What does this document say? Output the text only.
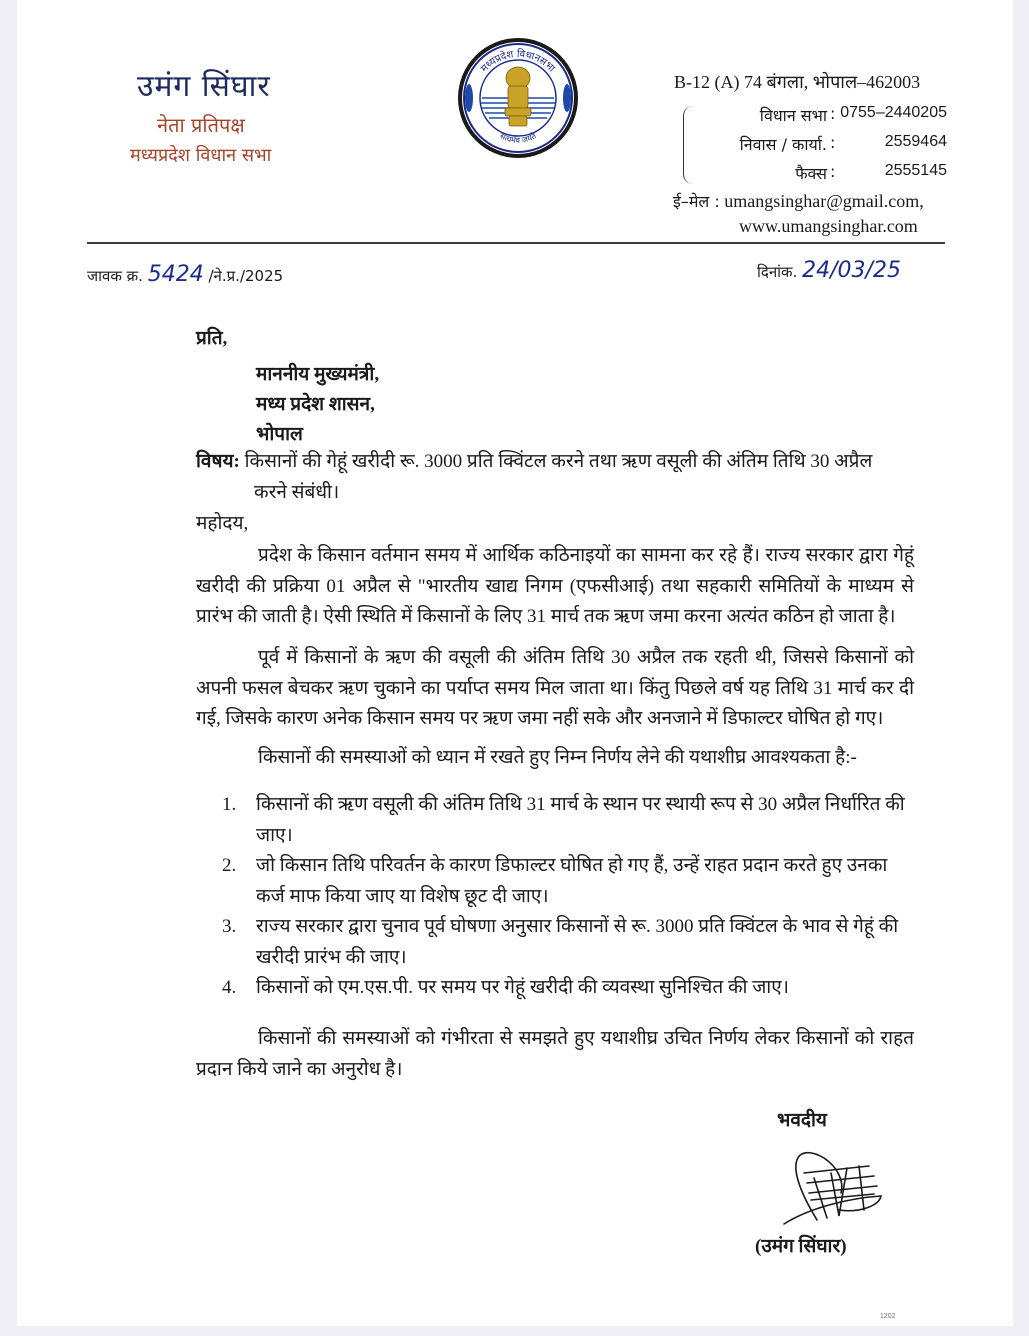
उमंग सिंघार
नेता प्रतिपक्ष
मध्यप्रदेश विधान सभा
मध्यप्रदेश विधानसभा
सत्यमेव जयते
B-12 (A) 74 बंगला, भोपाल–462003
विधान सभा : 0755–2440205
निवास / कार्या. :	2559464
फैक्स :	2555145
ई–मेल : umangsinghar@gmail.com,
www.umangsinghar.com
जावक क्र. 5424 /ने.प्र./2025	दिनांक. 24/03/25
प्रति,
माननीय मुख्यमंत्री,
मध्य प्रदेश शासन,
भोपाल
विषय: किसानों की गेहूं खरीदी रू. 3000 प्रति क्विंटल करने तथा ऋण वसूली की अंतिम तिथि 30 अप्रैल
करने संबंधी।
महोदय,
प्रदेश के किसान वर्तमान समय में आर्थिक कठिनाइयों का सामना कर रहे हैं। राज्य सरकार द्वारा गेहूं खरीदी की प्रक्रिया 01 अप्रैल से "भारतीय खाद्य निगम (एफसीआई) तथा सहकारी समितियों के माध्यम से प्रारंभ की जाती है। ऐसी स्थिति में किसानों के लिए 31 मार्च तक ऋण जमा करना अत्यंत कठिन हो जाता है।
पूर्व में किसानों के ऋण की वसूली की अंतिम तिथि 30 अप्रैल तक रहती थी, जिससे किसानों को अपनी फसल बेचकर ऋण चुकाने का पर्याप्त समय मिल जाता था। किंतु पिछले वर्ष यह तिथि 31 मार्च कर दी गई, जिसके कारण अनेक किसान समय पर ऋण जमा नहीं सके और अनजाने में डिफाल्टर घोषित हो गए।
किसानों की समस्याओं को ध्यान में रखते हुए निम्न निर्णय लेने की यथाशीघ्र आवश्यकता है:-
1. किसानों की ऋण वसूली की अंतिम तिथि 31 मार्च के स्थान पर स्थायी रूप से 30 अप्रैल निर्धारित की जाए।
2. जो किसान तिथि परिवर्तन के कारण डिफाल्टर घोषित हो गए हैं, उन्हें राहत प्रदान करते हुए उनका कर्ज माफ किया जाए या विशेष छूट दी जाए।
3. राज्य सरकार द्वारा चुनाव पूर्व घोषणा अनुसार किसानों से रू. 3000 प्रति क्विंटल के भाव से गेहूं की खरीदी प्रारंभ की जाए।
4. किसानों को एम.एस.पी. पर समय पर गेहूं खरीदी की व्यवस्था सुनिश्चित की जाए।
किसानों की समस्याओं को गंभीरता से समझते हुए यथाशीघ्र उचित निर्णय लेकर किसानों को राहत प्रदान किये जाने का अनुरोध है।
भवदीय
(उमंग सिंघार)
1202
